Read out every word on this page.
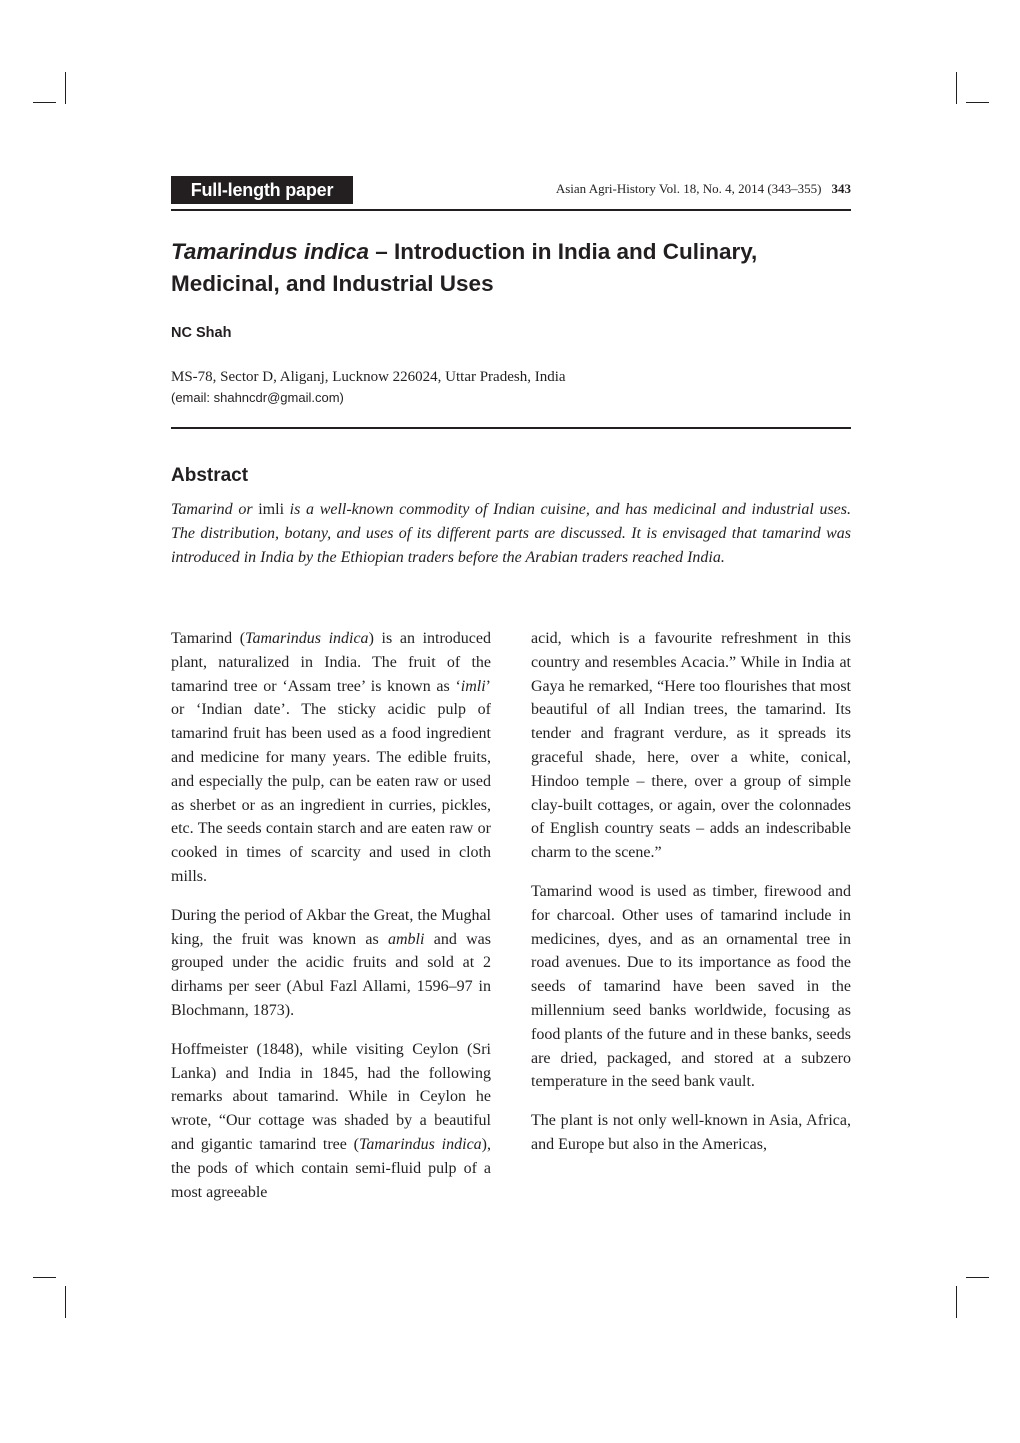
Full-length paper	Asian Agri-History Vol. 18, No. 4, 2014 (343–355) 343
Tamarindus indica – Introduction in India and Culinary, Medicinal, and Industrial Uses
NC Shah
MS-78, Sector D, Aliganj, Lucknow 226024, Uttar Pradesh, India
(email: shahncdr@gmail.com)
Abstract

Tamarind or imli is a well-known commodity of Indian cuisine, and has medicinal and industrial uses. The distribution, botany, and uses of its different parts are discussed. It is envisaged that tamarind was introduced in India by the Ethiopian traders before the Arabian traders reached India.

Tamarind (Tamarindus indica) is an introduced plant, naturalized in India. The fruit of the tamarind tree or ‘Assam tree’ is known as ‘imli’ or ‘Indian date’. The sticky acidic pulp of tamarind fruit has been used as a food ingredient and medicine for many years. The edible fruits, and especially the pulp, can be eaten raw or used as sherbet or as an ingredient in curries, pickles, etc. The seeds contain starch and are eaten raw or cooked in times of scarcity and used in cloth mills.

During the period of Akbar the Great, the Mughal king, the fruit was known as ambli and was grouped under the acidic fruits and sold at 2 dirhams per seer (Abul Fazl Allami, 1596–97 in Blochmann, 1873).

Hoffmeister (1848), while visiting Ceylon (Sri Lanka) and India in 1845, had the following remarks about tamarind. While in Ceylon he wrote, “Our cottage was shaded by a beautiful and gigantic tamarind tree (Tamarindus indica), the pods of which contain semi-fluid pulp of a most agreeable

acid, which is a favourite refreshment in this country and resembles Acacia.” While in India at Gaya he remarked, “Here too flourishes that most beautiful of all Indian trees, the tamarind. Its tender and fragrant verdure, as it spreads its graceful shade, here, over a white, conical, Hindoo temple – there, over a group of simple clay-built cottages, or again, over the colonnades of English country seats – adds an indescribable charm to the scene.”

Tamarind wood is used as timber, firewood and for charcoal. Other uses of tamarind include in medicines, dyes, and as an ornamental tree in road avenues. Due to its importance as food the seeds of tamarind have been saved in the millennium seed banks worldwide, focusing as food plants of the future and in these banks, seeds are dried, packaged, and stored at a subzero temperature in the seed bank vault.

The plant is not only well-known in Asia, Africa, and Europe but also in the Americas,
